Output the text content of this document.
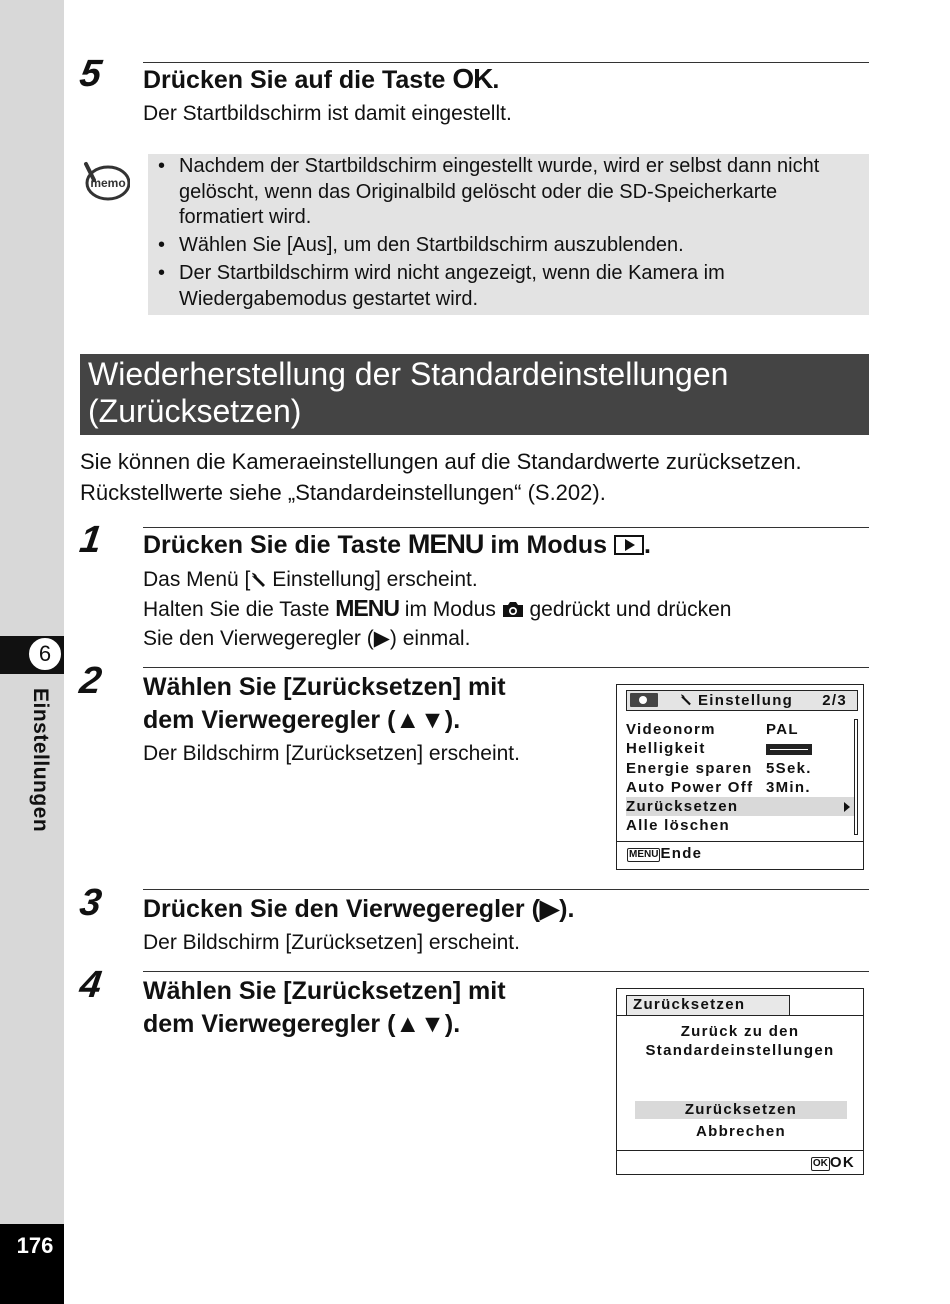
6
Einstellungen
176
5 Drücken Sie auf die Taste OK.
Der Startbildschirm ist damit eingestellt.
memo
• Nachdem der Startbildschirm eingestellt wurde, wird er selbst dann nicht gelöscht, wenn das Originalbild gelöscht oder die SD-Speicherkarte formatiert wird.
• Wählen Sie [Aus], um den Startbildschirm auszublenden.
• Der Startbildschirm wird nicht angezeigt, wenn die Kamera im Wiedergabemodus gestartet wird.
Wiederherstellung der Standardeinstellungen
(Zurücksetzen)
Sie können die Kameraeinstellungen auf die Standardwerte zurücksetzen.
Rückstellwerte siehe „Standardeinstellungen“ (S.202).
1 Drücken Sie die Taste MENU im Modus .
Das Menü [ Einstellung] erscheint.
Halten Sie die Taste MENU im Modus  gedrückt und drücken
Sie den Vierwegeregler (▶) einmal.
2 Wählen Sie [Zurücksetzen] mit
dem Vierwegeregler (▲▼).
Der Bildschirm [Zurücksetzen] erscheint.
Einstellung 2/3
Videonorm	PAL
Helligkeit
Energie sparen 5Sek.
Auto Power Off 3Min.
Zurücksetzen
Alle löschen
MENU Ende
3 Drücken Sie den Vierwegeregler (▶).
Der Bildschirm [Zurücksetzen] erscheint.
4 Wählen Sie [Zurücksetzen] mit
dem Vierwegeregler (▲▼).
Zurücksetzen
Zurück zu den
Standardeinstellungen
Zurücksetzen
Abbrechen
OK OK
